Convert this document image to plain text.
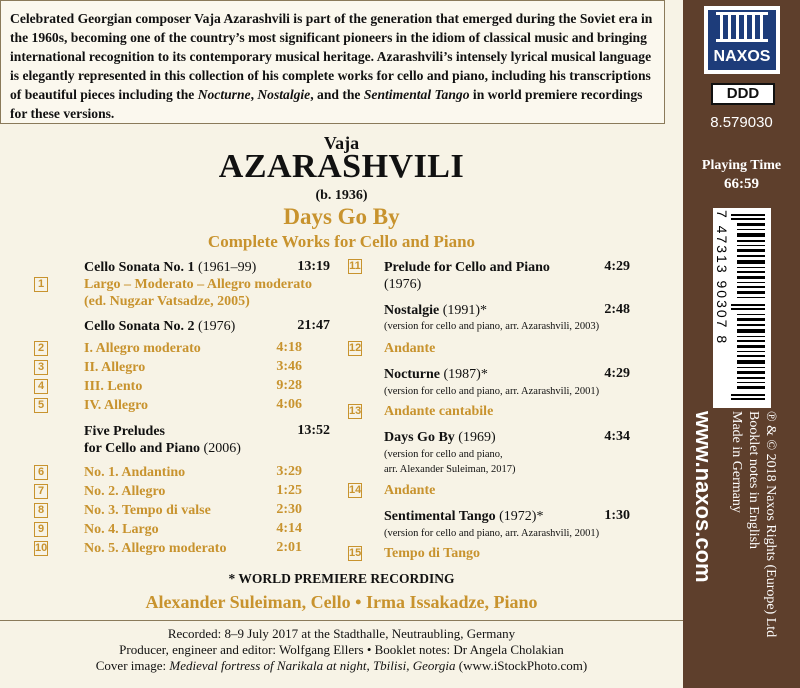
Celebrated Georgian composer Vaja Azarashvili is part of the generation that emerged during the Soviet era in the 1960s, becoming one of the country’s most significant pioneers in the idiom of classical music and bringing international recognition to its contemporary musical heritage. Azarashvili’s intensely lyrical musical language is elegantly represented in this collection of his complete works for cello and piano, including his transcriptions of beautiful pieces including the Nocturne, Nostalgie, and the Sentimental Tango in world premiere recordings for these versions.
Vaja
AZARASHVILI
(b. 1936)
Days Go By
Complete Works for Cello and Piano
Cello Sonata No. 1 (1961–99)	13:19
1	Largo – Moderato – Allegro moderato
(ed. Nugzar Vatsadze, 2005)
Cello Sonata No. 2 (1976)	21:47
2	I. Allegro moderato	4:18
3	II. Allegro	3:46
4	III. Lento	9:28
5	IV. Allegro	4:06
Five Preludes	13:52
for Cello and Piano (2006)
6	No. 1. Andantino	3:29
7	No. 2. Allegro	1:25
8	No. 3. Tempo di valse	2:30
9	No. 4. Largo	4:14
10	No. 5. Allegro moderato	2:01
11 Prelude for Cello and Piano	4:29
(1976)
Nostalgie (1991)*	2:48
(version for cello and piano, arr. Azarashvili, 2003)
12 Andante
Nocturne (1987)*	4:29
(version for cello and piano, arr. Azarashvili, 2001)
13 Andante cantabile
Days Go By (1969)	4:34
(version for cello and piano,
arr. Alexander Suleiman, 2017)
14 Andante
Sentimental Tango (1972)*	1:30
(version for cello and piano, arr. Azarashvili, 2001)
15 Tempo di Tango
* WORLD PREMIERE RECORDING
Alexander Suleiman, Cello • Irma Issakadze, Piano
Recorded: 8–9 July 2017 at the Stadthalle, Neutraubling, Germany
Producer, engineer and editor: Wolfgang Ellers • Booklet notes: Dr Angela Cholakian
Cover image: Medieval fortress of Narikala at night, Tbilisi, Georgia (www.iStockPhoto.com)
NAXOS
DDD
8.579030
Playing Time
66:59
7 47313 90307 8
www.naxos.com	℗ & © 2018 Naxos Rights (Europe) Ltd
Booklet notes in English
Made in Germany
